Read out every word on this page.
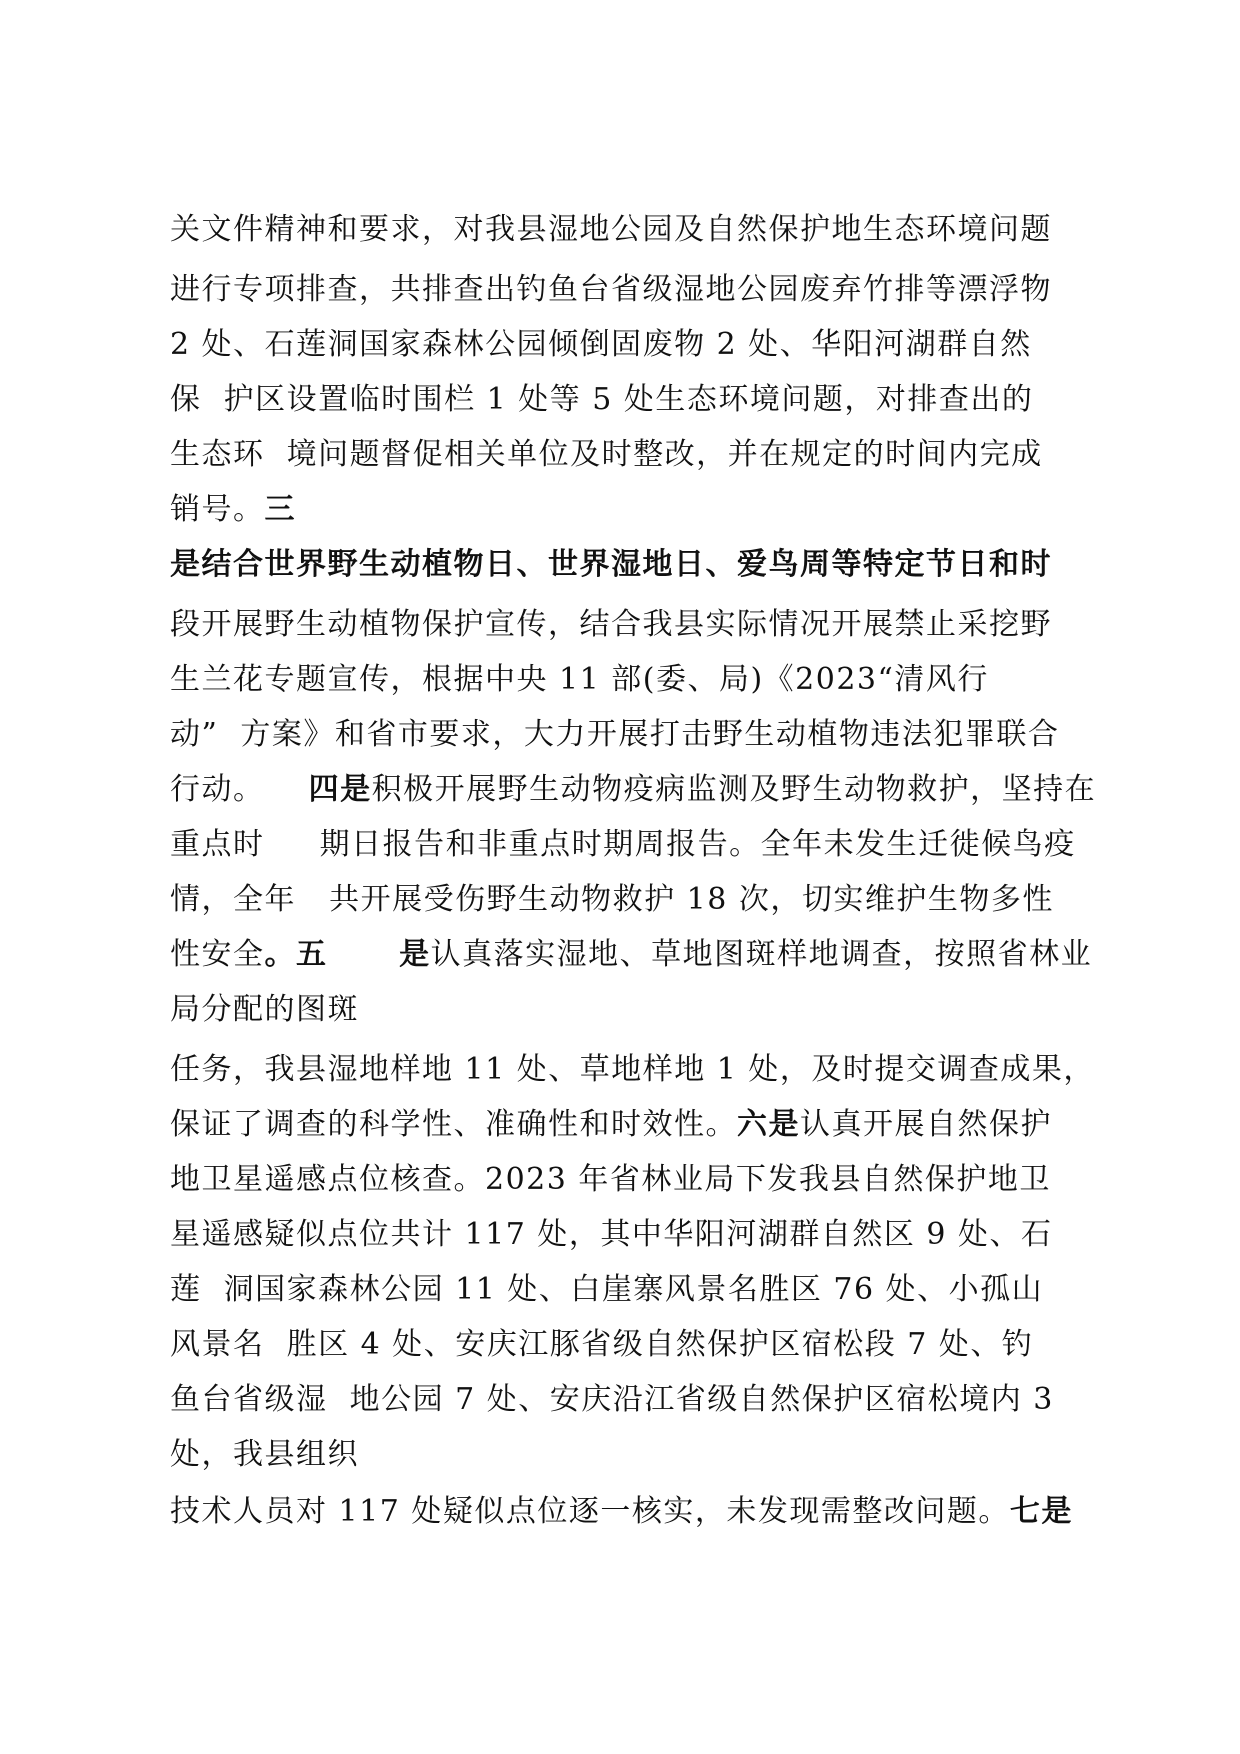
关文件精神和要求，对我县湿地公园及自然保护地生态环境问题
进行专项排查，共排查出钓鱼台省级湿地公园废弃竹排等漂浮物
2 处、石莲洞国家森林公园倾倒固废物 2 处、华阳河湖群自然
保  护区设置临时围栏 1 处等 5 处生态环境问题，对排查出的
生态环  境问题督促相关单位及时整改，并在规定的时间内完成
销号。三
是结合世界野生动植物日、世界湿地日、爱鸟周等特定节日和时
段开展野生动植物保护宣传，结合我县实际情况开展禁止采挖野
生兰花专题宣传，根据中央 11 部(委、局)《2023“清风行
动”  方案》和省市要求，大力开展打击野生动植物违法犯罪联合
行动。    四是积极开展野生动物疫病监测及野生动物救护，坚持在
重点时     期日报告和非重点时期周报告。全年未发生迁徙候鸟疫
情，全年   共开展受伤野生动物救护 18 次，切实维护生物多性
性安全。五      是认真落实湿地、草地图斑样地调查，按照省林业
局分配的图斑
任务，我县湿地样地 11 处、草地样地 1 处，及时提交调查成果，
保证了调查的科学性、准确性和时效性。六是认真开展自然保护
地卫星遥感点位核查。2023 年省林业局下发我县自然保护地卫
星遥感疑似点位共计 117 处，其中华阳河湖群自然区 9 处、石
莲  洞国家森林公园 11 处、白崖寨风景名胜区 76 处、小孤山
风景名  胜区 4 处、安庆江豚省级自然保护区宿松段 7 处、钓
鱼台省级湿  地公园 7 处、安庆沿江省级自然保护区宿松境内 3
处，我县组织
技术人员对 117 处疑似点位逐一核实，未发现需整改问题。七是
